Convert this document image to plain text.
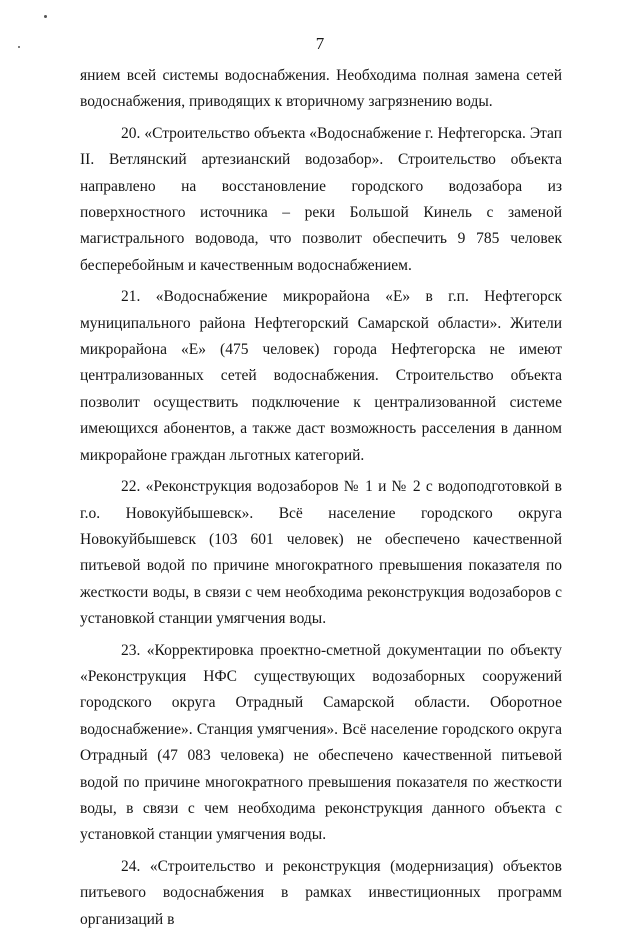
7

янием всей системы водоснабжения. Необходима полная замена сетей водоснабжения, приводящих к вторичному загрязнению воды.

20. «Строительство объекта «Водоснабжение г. Нефтегорска. Этап II. Ветлянский артезианский водозабор». Строительство объекта направлено на восстановление городского водозабора из поверхностного источника – реки Большой Кинель с заменой магистрального водовода, что позволит обеспечить 9 785 человек бесперебойным и качественным водоснабжением.

21. «Водоснабжение микрорайона «Е» в г.п. Нефтегорск муниципального района Нефтегорский Самарской области». Жители микрорайона «Е» (475 человек) города Нефтегорска не имеют централизованных сетей водоснабжения. Строительство объекта позволит осуществить подключение к централизованной системе имеющихся абонентов, а также даст возможность расселения в данном микрорайоне граждан льготных категорий.

22. «Реконструкция водозаборов № 1 и № 2 с водоподготовкой в г.о. Новокуйбышевск». Всё население городского округа Новокуйбышевск (103 601 человек) не обеспечено качественной питьевой водой по причине многократного превышения показателя по жесткости воды, в связи с чем необходима реконструкция водозаборов с установкой станции умягчения воды.

23. «Корректировка проектно-сметной документации по объекту «Реконструкция НФС существующих водозаборных сооружений городского округа Отрадный Самарской области. Оборотное водоснабжение». Станция умягчения». Всё население городского округа Отрадный (47 083 человека) не обеспечено качественной питьевой водой по причине многократного превышения показателя по жесткости воды, в связи с чем необходима реконструкция данного объекта с установкой станции умягчения воды.

24. «Строительство и реконструкция (модернизация) объектов питьевого водоснабжения в рамках инвестиционных программ организаций в
